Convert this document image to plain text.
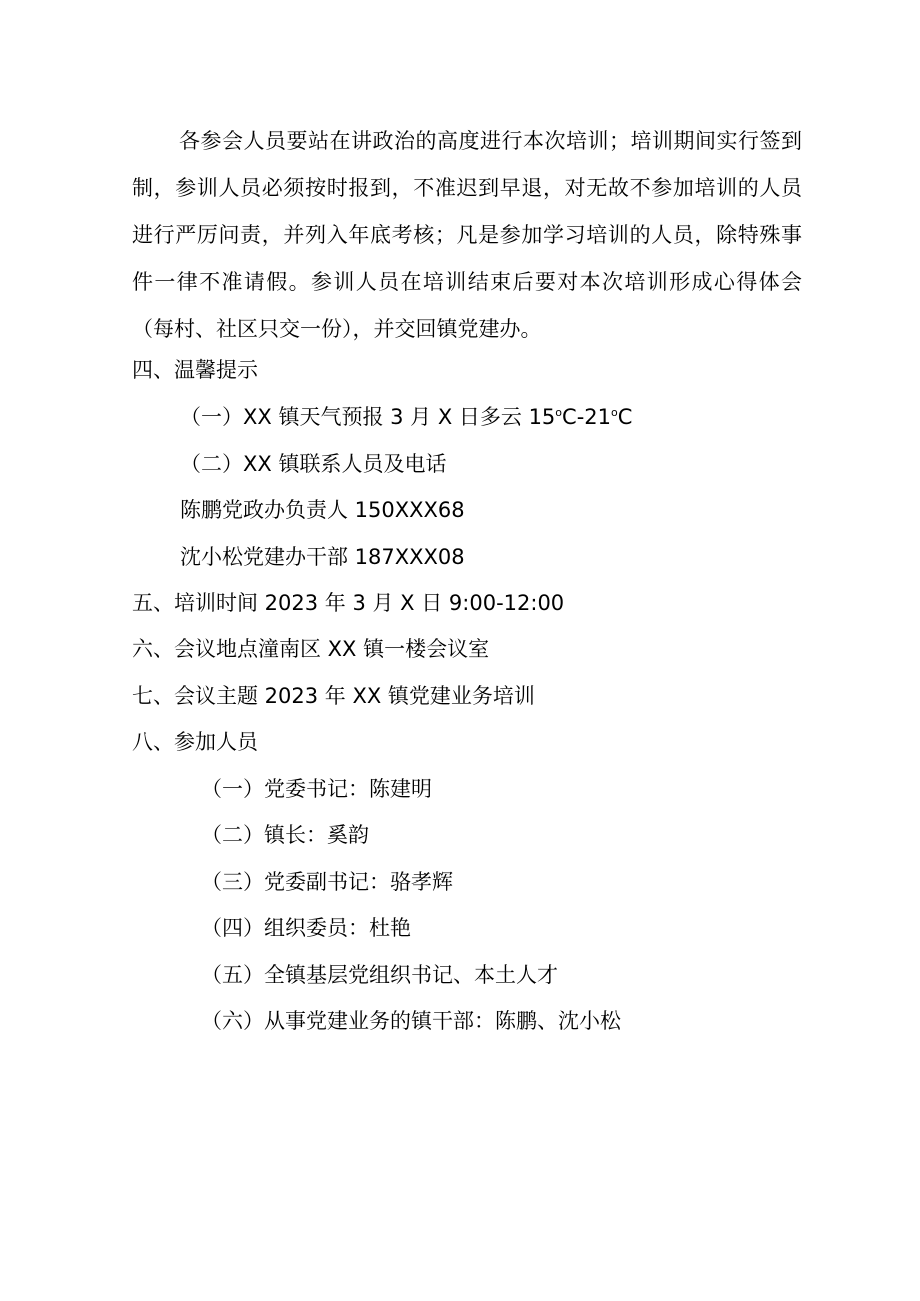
各参会人员要站在讲政治的高度进行本次培训；培训期间实行签到制，参训人员必须按时报到，不准迟到早退，对无故不参加培训的人员进行严厉问责，并列入年底考核；凡是参加学习培训的人员，除特殊事件一律不准请假。参训人员在培训结束后要对本次培训形成心得体会（每村、社区只交一份），并交回镇党建办。

四、温馨提示
（一）XX 镇天气预报 3 月 X 日多云 15$^o$C-21$^o$C
（二）XX 镇联系人员及电话
陈鹏党政办负责人 150XXX68
沈小松党建办干部 187XXX08
五、培训时间 2023 年 3 月 X 日 9:00-12:00
六、会议地点潼南区 XX 镇一楼会议室
七、会议主题 2023 年 XX 镇党建业务培训
八、参加人员
（一）党委书记：陈建明
（二）镇长：奚韵
（三）党委副书记：骆孝辉
（四）组织委员：杜艳
（五）全镇基层党组织书记、本土人才
（六）从事党建业务的镇干部：陈鹏、沈小松
